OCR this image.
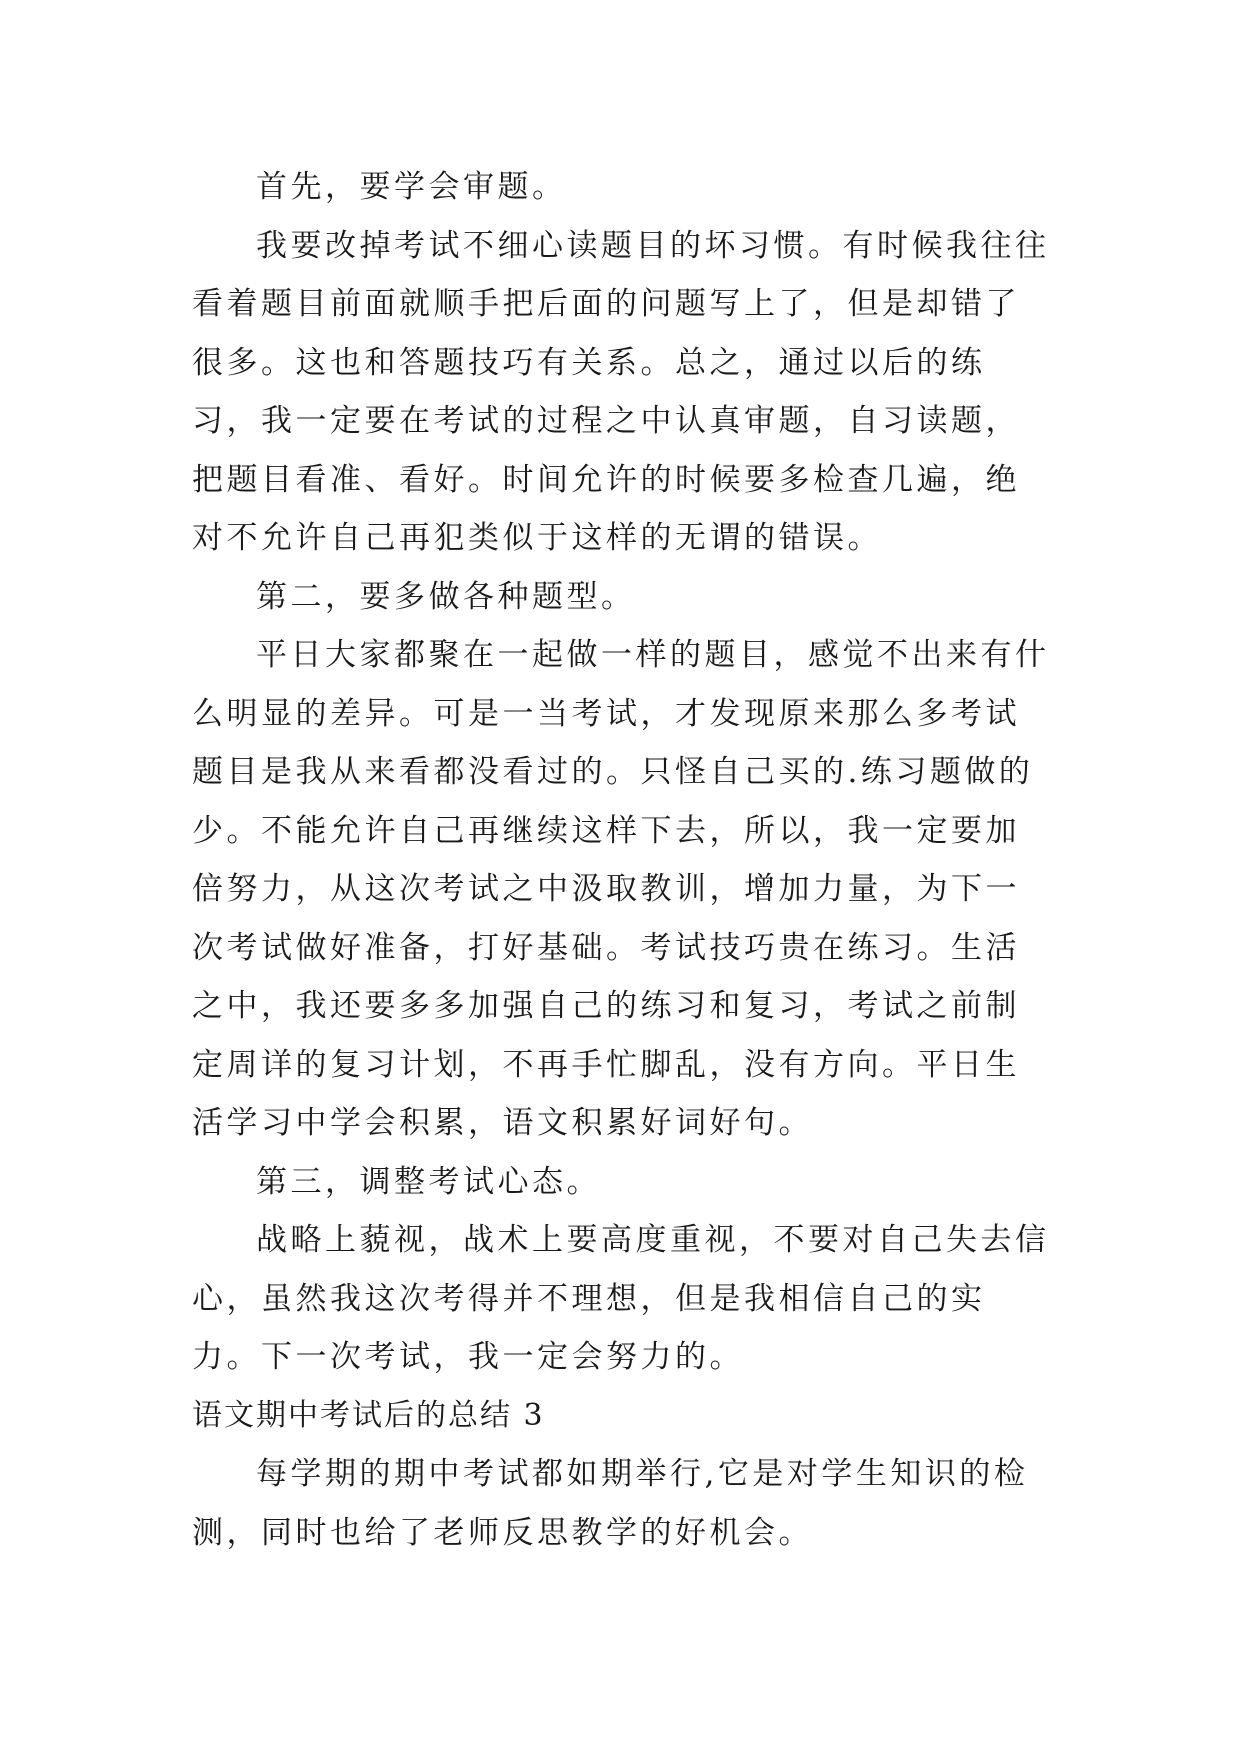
首先，要学会审题。

我要改掉考试不细心读题目的坏习惯。有时候我往往看着题目前面就顺手把后面的问题写上了，但是却错了很多。这也和答题技巧有关系。总之，通过以后的练习，我一定要在考试的过程之中认真审题，自习读题，把题目看准、看好。时间允许的时候要多检查几遍，绝对不允许自己再犯类似于这样的无谓的错误。

第二，要多做各种题型。

平日大家都聚在一起做一样的题目，感觉不出来有什么明显的差异。可是一当考试，才发现原来那么多考试题目是我从来看都没看过的。只怪自己买的.练习题做的少。不能允许自己再继续这样下去，所以，我一定要加倍努力，从这次考试之中汲取教训，增加力量，为下一次考试做好准备，打好基础。考试技巧贵在练习。生活之中，我还要多多加强自己的练习和复习，考试之前制定周详的复习计划，不再手忙脚乱，没有方向。平日生活学习中学会积累，语文积累好词好句。

第三，调整考试心态。

战略上藐视，战术上要高度重视，不要对自己失去信心，虽然我这次考得并不理想，但是我相信自己的实力。下一次考试，我一定会努力的。

语文期中考试后的总结 3

每学期的期中考试都如期举行,它是对学生知识的检测，同时也给了老师反思教学的好机会。
